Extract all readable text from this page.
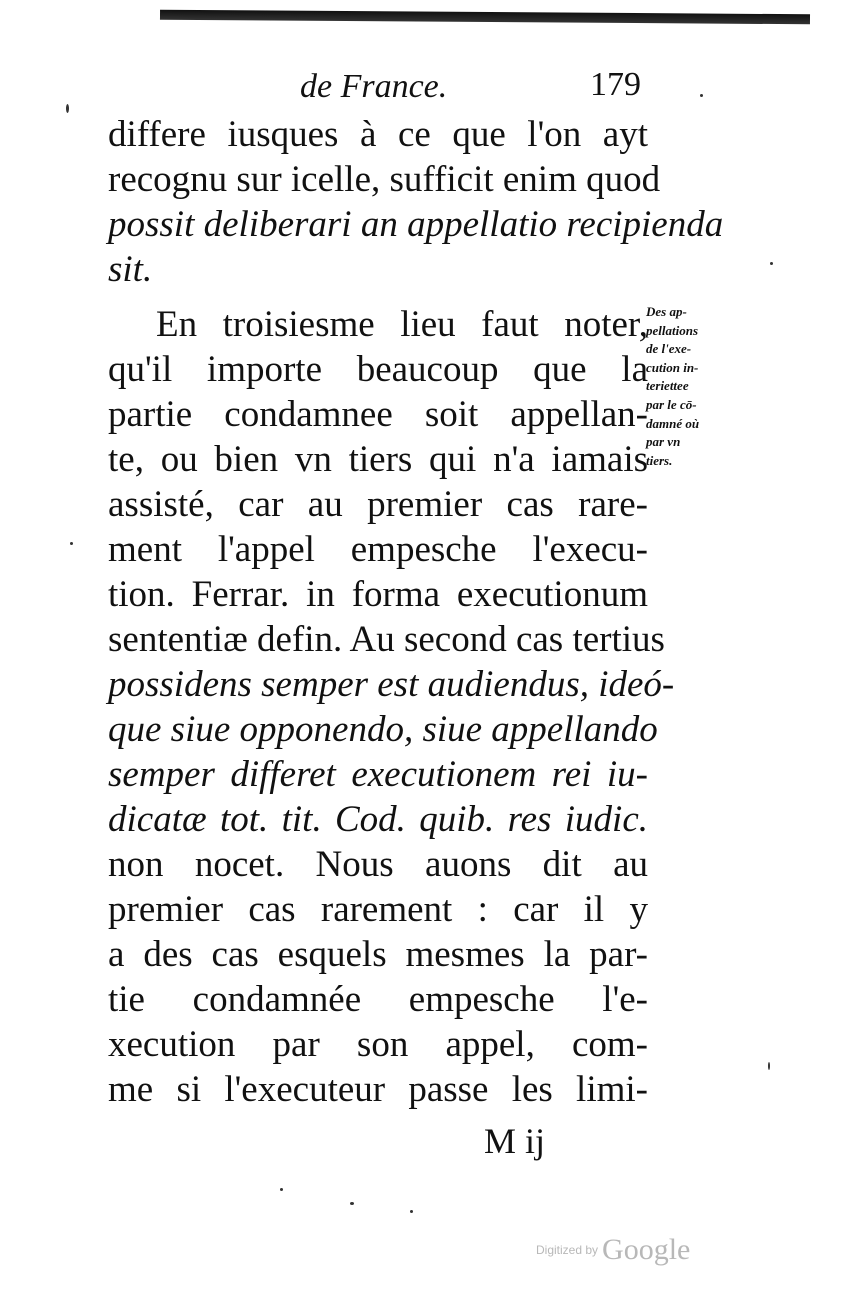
de France.	179
differe iusques à ce que l'on ayt
recognu sur icelle, sufficit enim quod
possit deliberari an appellatio recipienda
sit.
En troisiesme lieu faut noter,
qu'il importe beaucoup que la
partie condamnee soit appellan-
te, ou bien vn tiers qui n'a iamais
assisté, car au premier cas rare-
ment l'appel empesche l'execu-
tion. Ferrar. in forma executionum
sententiæ defin. Au second cas tertius
possidens semper est audiendus, ideó-
que siue opponendo, siue appellando
semper differet executionem rei iu-
dicatæ tot. tit. Cod. quib. res iudic.
non nocet. Nous auons dit au
premier cas rarement : car il y
a des cas esquels mesmes la par-
tie condamnée empesche l'e-
xecution par son appel, com-
me si l'executeur passe les limi-
Des ap-
pellations
de l'exe-
cution in-
teriettee
par le cō-
damné où
par vn
tiers.
M ij
Digitized by Google
